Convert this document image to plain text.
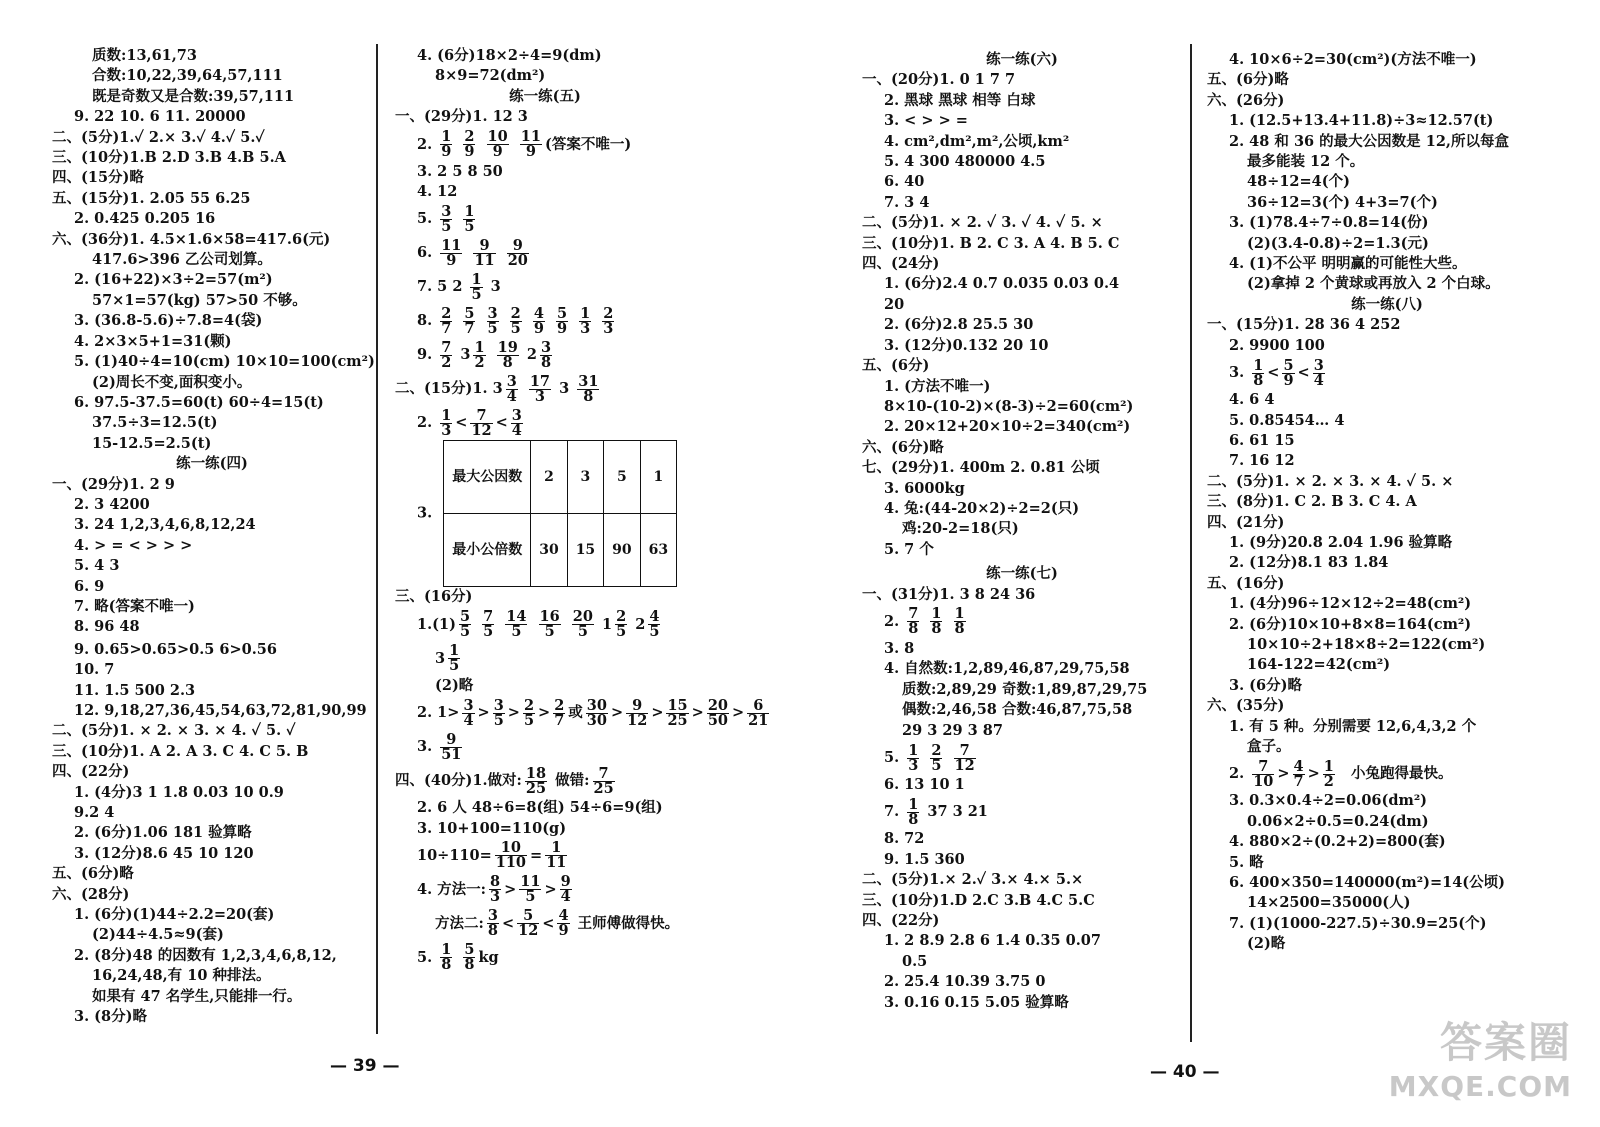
质数:13,61,73
合数:10,22,39,64,57,111
既是奇数又是合数:39,57,111
9. 22 10. 6 11. 20000
二、(5分)1.✓ 2.× 3.✓ 4.✓ 5.✓
三、(10分)1.B 2.D 3.B 4.B 5.A
四、(15分)略
五、(15分)1. 2.05 55 6.25
2. 0.425 0.205 16
六、(36分)1. 4.5×1.6×58=417.6(元)
417.6>396 乙公司划算。
2. (16+22)×3÷2=57(m²)
57×1=57(kg) 57>50 不够。
3. (36.8-5.6)÷7.8=4(袋)
4. 2×3×5+1=31(颗)
5. (1)40÷4=10(cm) 10×10=100(cm²)
(2)周长不变,面积变小。
6. 97.5-37.5=60(t) 60÷4=15(t)
37.5÷3=12.5(t)
15-12.5=2.5(t)
练一练(四)
一、(29分)1. 2 9
2. 3 4200
3. 24 1,2,3,4,6,8,12,24
4. > = < > > >
5. 4 3
6. 9
7. 略(答案不唯一)
8. 96 48
9. 0.65>0.65>0.5 6>0.56
10. 7
11. 1.5 500 2.3
12. 9,18,27,36,45,54,63,72,81,90,99
二、(5分)1. × 2. × 3. × 4. ✓ 5. ✓
三、(10分)1. A 2. A 3. C 4. C 5. B
四、(22分)
1. (4分)3 1 1.8 0.03 10 0.9
9.2 4
2. (6分)1.06 181 验算略
3. (12分)8.6 45 10 120
五、(6分)略
六、(28分)
1. (6分)(1)44÷2.2=20(套)
(2)44÷4.5≈9(套)
2. (8分)48 的因数有 1,2,3,4,6,8,12,
16,24,48,有 10 种排法。
如果有 47 名学生,只能排一行。
3. (8分)略
4. (6分)18×2÷4=9(dm)
8×9=72(dm²)
练一练(五)
一、(29分)1. 12 3
2. $\frac{1}{9}$
$\frac{2}{9}$
$\frac{10}{9}$
$\frac{11}{9}$ (答案不唯一)
3. 2 5 8 50
4. 12
5. $\frac{3}{5}$
$\frac{1}{5}$
6. $\frac{11}{9}$
$\frac{9}{11}$
$\frac{9}{20}$
7. 5 $2 \frac{1}{5} 3$
8. $\frac{2}{7}$
$\frac{5}{7}$
$\frac{3}{5}$
$\frac{2}{5}$
$\frac{4}{9}$
$\frac{5}{9}$
$\frac{1}{3}$
$\frac{2}{3}$
9. $\frac{7}{2} 3 \frac{1}{2}$
$\frac{19}{8} 2 \frac{3}{8}$
二、(15分)1. $3 \frac{3}{4}$
$\frac{17}{3} 3 \frac{31}{8}$
2. $\frac{1}{3} < \frac{7}{12} < \frac{3}{4}$
3. 最大公因数	2	3	5	1
最小公倍数	30	15	90	63
三、(16分)
$1.(1) \frac{5}{5}$
$\frac{7}{5}$
$\frac{14}{5}$
$\frac{16}{5}$
$\frac{20}{5} 1 \frac{2}{5} 2 \frac{4}{5}$
$3 \frac{1}{5}$
(2)略
2. $1> \frac{3}{4} > \frac{3}{5} > \frac{2}{5} > \frac{2}{7}$ 或 $\frac{30}{30} > \frac{9}{12} > \frac{15}{25} > \frac{20}{50} > \frac{6}{21}$
3. $\frac{9}{51}$
四、(40分)1.做对: $\frac{18}{25}$ 做错: $\frac{7}{25}$
2. 6 人 48÷6=8(组) 54÷6=9(组)
3. 10+100=110(g)
$10\div 110= \frac{10}{110} = \frac{1}{11}$
4. 方法一: $\frac{8}{3} > \frac{11}{5} > \frac{9}{4}$
方法二: $\frac{3}{8} < \frac{5}{12} < \frac{4}{9}$ 王师傅做得快。
5. $\frac{1}{8}$
$\frac{5}{8}$ kg
— 39 —
练一练(六)
一、(20分)1. 0 1 7 7
2. 黑球 黑球 相等 白球
3. < > > =
4. cm²,dm²,m²,公顷,km²
5. 4 300 480000 4.5
6. 40
7. 3 4
二、(5分)1. × 2. ✓ 3. ✓ 4. ✓ 5. ×
三、(10分)1. B 2. C 3. A 4. B 5. C
四、(24分)
1. (6分)2.4 0.7 0.035 0.03 0.4
20
2. (6分)2.8 25.5 30
3. (12分)0.132 20 10
五、(6分)
1. (方法不唯一)
8×10-(10-2)×(8-3)÷2=60(cm²)
2. 20×12+20×10÷2=340(cm²)
六、(6分)略
七、(29分)1. 400m 2. 0.81 公顷
3. 6000kg
4. 兔:(44-20×2)÷2=2(只)
鸡:20-2=18(只)
5. 7 个
练一练(七)
一、(31分)1. 3 8 24 36
2. $\frac{7}{8}$
$\frac{1}{8}$
$\frac{1}{8}$
3. 8
4. 自然数:1,2,89,46,87,29,75,58
质数:2,89,29 奇数:1,89,87,29,75
偶数:2,46,58 合数:46,87,75,58
29 3 29 3 87
5. $\frac{1}{3}$
$\frac{2}{5}$
$\frac{7}{12}$
6. 13 10 1
7. $\frac{1}{8} 37$ 3 21
8. 72
9. 1.5 360
二、(5分)1.× 2.✓ 3.× 4.× 5.×
三、(10分)1.D 2.C 3.B 4.C 5.C
四、(22分)
1. 2 8.9 2.8 6 1.4 0.35 0.07
0.5
2. 25.4 10.39 3.75 0
3. 0.16 0.15 5.05 验算略
4. 10×6÷2=30(cm²)(方法不唯一)
五、(6分)略
六、(26分)
1. (12.5+13.4+11.8)÷3≈12.57(t)
2. 48 和 36 的最大公因数是 12,所以每盒
最多能装 12 个。
48÷12=4(个)
36÷12=3(个) 4+3=7(个)
3. (1)78.4÷7÷0.8=14(份)
(2)(3.4-0.8)÷2=1.3(元)
4. (1)不公平 明明赢的可能性大些。
(2)拿掉 2 个黄球或再放入 2 个白球。
练一练(八)
一、(15分)1. 28 36 4 252
2. 9900 100
3. $\frac{1}{8} < \frac{5}{9} < \frac{3}{4}$
4. 6 4
5. 0.85454… 4
6. 61 15
7. 16 12
二、(5分)1. × 2. × 3. × 4. ✓ 5. ×
三、(8分)1. C 2. B 3. C 4. A
四、(21分)
1. (9分)20.8 2.04 1.96 验算略
2. (12分)8.1 83 1.84
五、(16分)
1. (4分)96÷12×12÷2=48(cm²)
2. (6分)10×10+8×8=164(cm²)
10×10÷2+18×8÷2=122(cm²)
164-122=42(cm²)
3. (6分)略
六、(35分)
1. 有 5 种。分别需要 12,6,4,3,2 个
盒子。
2. $\frac{7}{10} > \frac{4}{7} > \frac{1}{2}$ 小兔跑得最快。
3. 0.3×0.4÷2=0.06(dm²)
0.06×2÷0.5=0.24(dm)
4. 880×2÷(0.2+2)=800(套)
5. 略
6. 400×350=140000(m²)=14(公顷)
14×2500=35000(人)
7. (1)(1000-227.5)÷30.9=25(个)
(2)略
— 40 —
答案圈
MXQE.COM
